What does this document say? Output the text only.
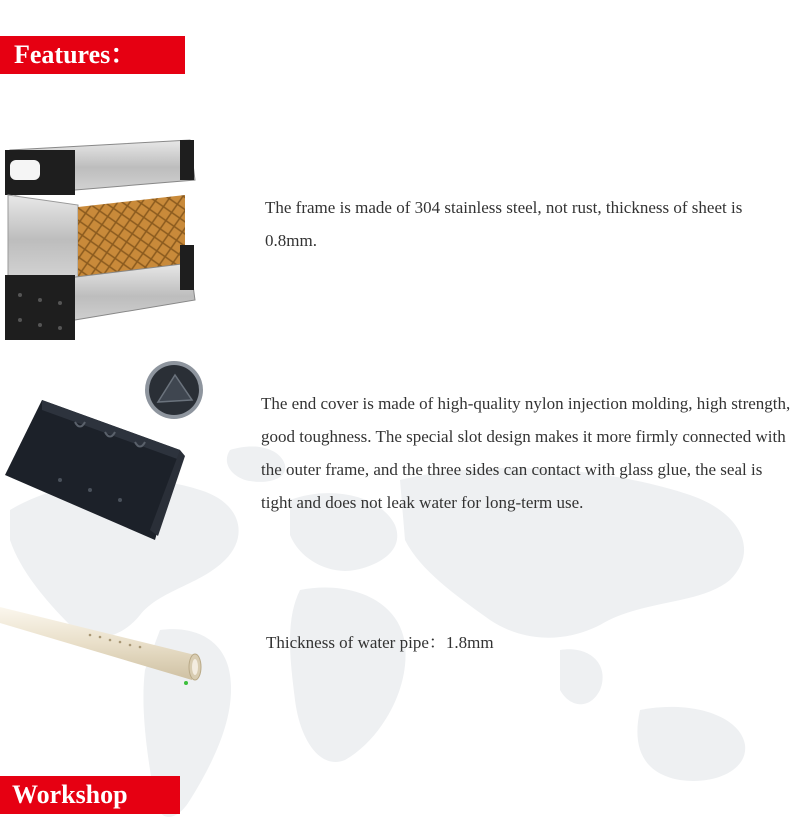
Features：

The frame is made of 304 stainless steel, not rust, thickness of sheet is 0.8mm.

The end cover is made of high-quality nylon injection molding, high strength, good toughness. The special slot design makes it more firmly connected with the outer frame, and the three sides can contact with glass glue, the seal is tight and does not leak water for long-term use.

Thickness of water pipe：1.8mm

Workshop
